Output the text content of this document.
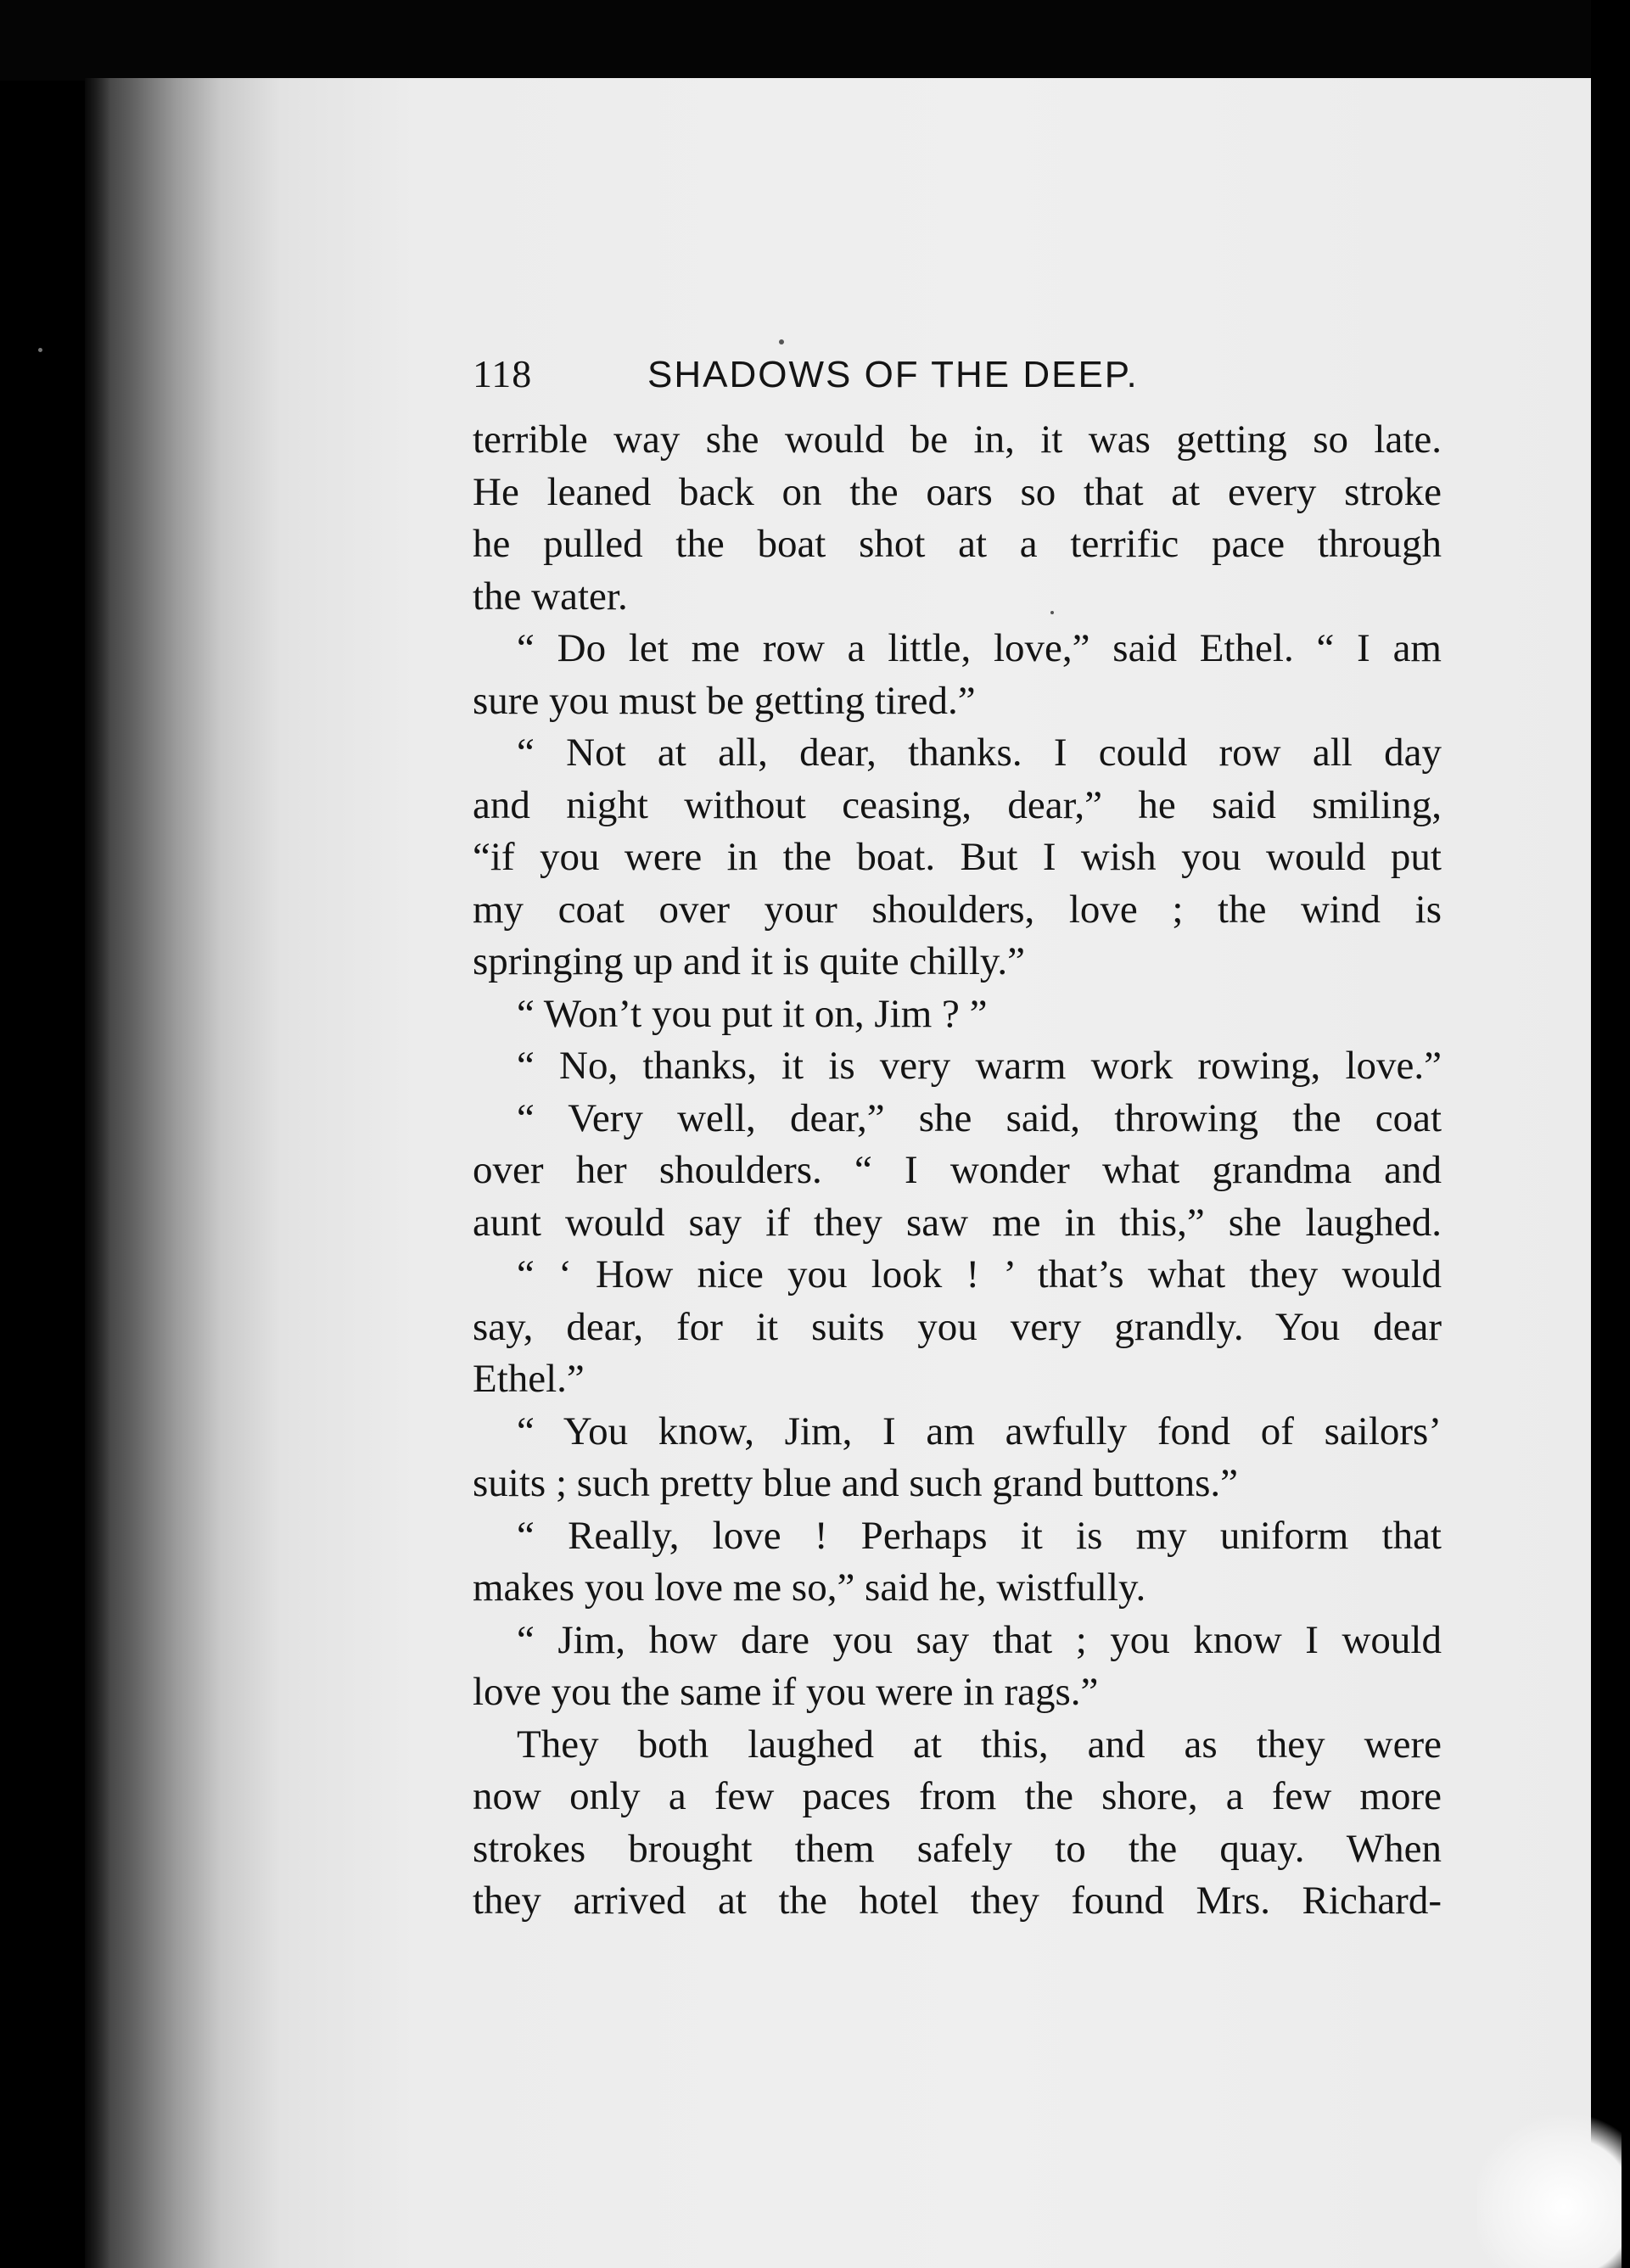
118	SHADOWS OF THE DEEP.
terrible way she would be in, it was getting so late.
He leaned back on the oars so that at every stroke
he pulled the boat shot at a terrific pace through
the water.
“ Do let me row a little, love,” said Ethel. “ I am
sure you must be getting tired.”
“ Not at all, dear, thanks. I could row all day
and night without ceasing, dear,” he said smiling,
“if you were in the boat. But I wish you would put
my coat over your shoulders, love ; the wind is
springing up and it is quite chilly.”
“ Won’t you put it on, Jim ? ”
“ No, thanks, it is very warm work rowing, love.”
“ Very well, dear,” she said, throwing the coat
over her shoulders. “ I wonder what grandma and
aunt would say if they saw me in this,” she laughed.
“ ‘ How nice you look ! ’ that’s what they would
say, dear, for it suits you very grandly. You dear
Ethel.”
“ You know, Jim, I am awfully fond of sailors’
suits ; such pretty blue and such grand buttons.”
“ Really, love ! Perhaps it is my uniform that
makes you love me so,” said he, wistfully.
“ Jim, how dare you say that ; you know I would
love you the same if you were in rags.”
They both laughed at this, and as they were
now only a few paces from the shore, a few more
strokes brought them safely to the quay. When
they arrived at the hotel they found Mrs. Richard-
